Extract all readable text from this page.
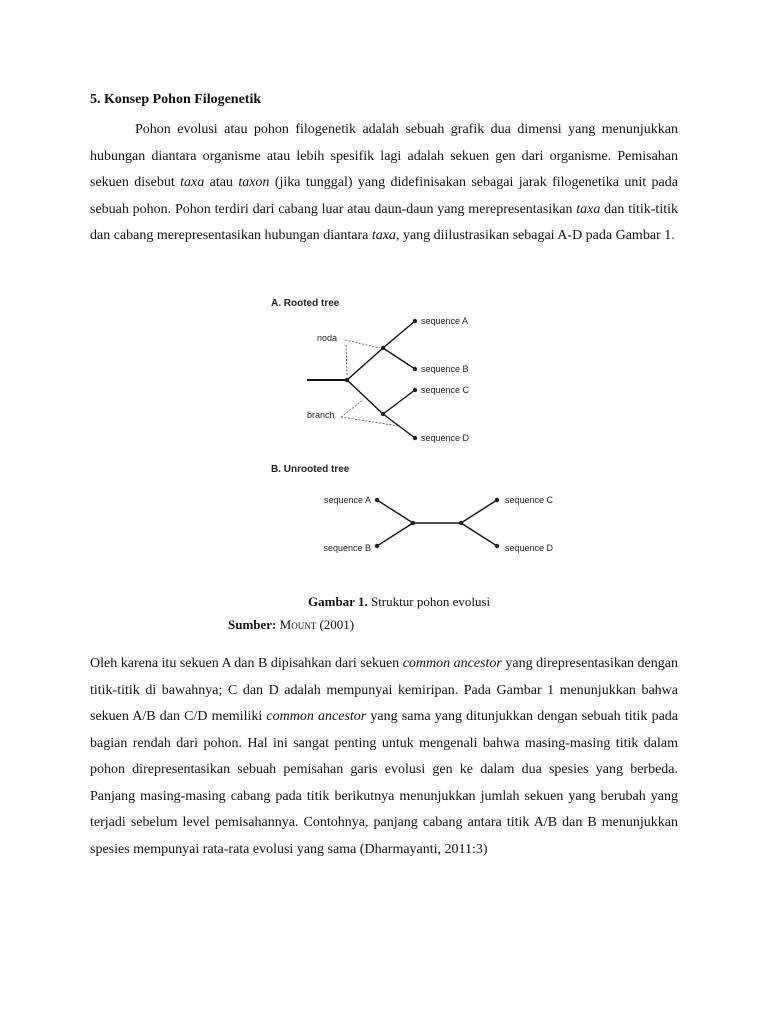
5. Konsep Pohon Filogenetik
Pohon evolusi atau pohon filogenetik adalah sebuah grafik dua dimensi yang menunjukkan hubungan diantara organisme atau lebih spesifik lagi adalah sekuen gen dari organisme. Pemisahan sekuen disebut taxa atau taxon (jika tunggal) yang didefinisakan sebagai jarak filogenetika unit pada sebuah pohon. Pohon terdiri dari cabang luar atau daun-daun yang merepresentasikan taxa dan titik-titik dan cabang merepresentasikan hubungan diantara taxa, yang diilustrasikan sebagai A-D pada Gambar 1.
A. Rooted tree
noda
branch
sequence A
sequence B
sequence C
sequence D
B. Unrooted tree
sequence A
sequence B
sequence C
sequence D
Gambar 1. Struktur pohon evolusi
Sumber: Mount (2001)
Oleh karena itu sekuen A dan B dipisahkan dari sekuen common ancestor yang direpresentasikan dengan titik-titik di bawahnya; C dan D adalah mempunyai kemiripan. Pada Gambar 1 menunjukkan bahwa sekuen A/B dan C/D memiliki common ancestor yang sama yang ditunjukkan dengan sebuah titik pada bagian rendah dari pohon. Hal ini sangat penting untuk mengenali bahwa masing-masing titik dalam pohon direpresentasikan sebuah pemisahan garis evolusi gen ke dalam dua spesies yang berbeda. Panjang masing-masing cabang pada titik berikutnya menunjukkan jumlah sekuen yang berubah yang terjadi sebelum level pemisahannya. Contohnya, panjang cabang antara titik A/B dan B menunjukkan spesies mempunyai rata-rata evolusi yang sama (Dharmayanti, 2011:3)
